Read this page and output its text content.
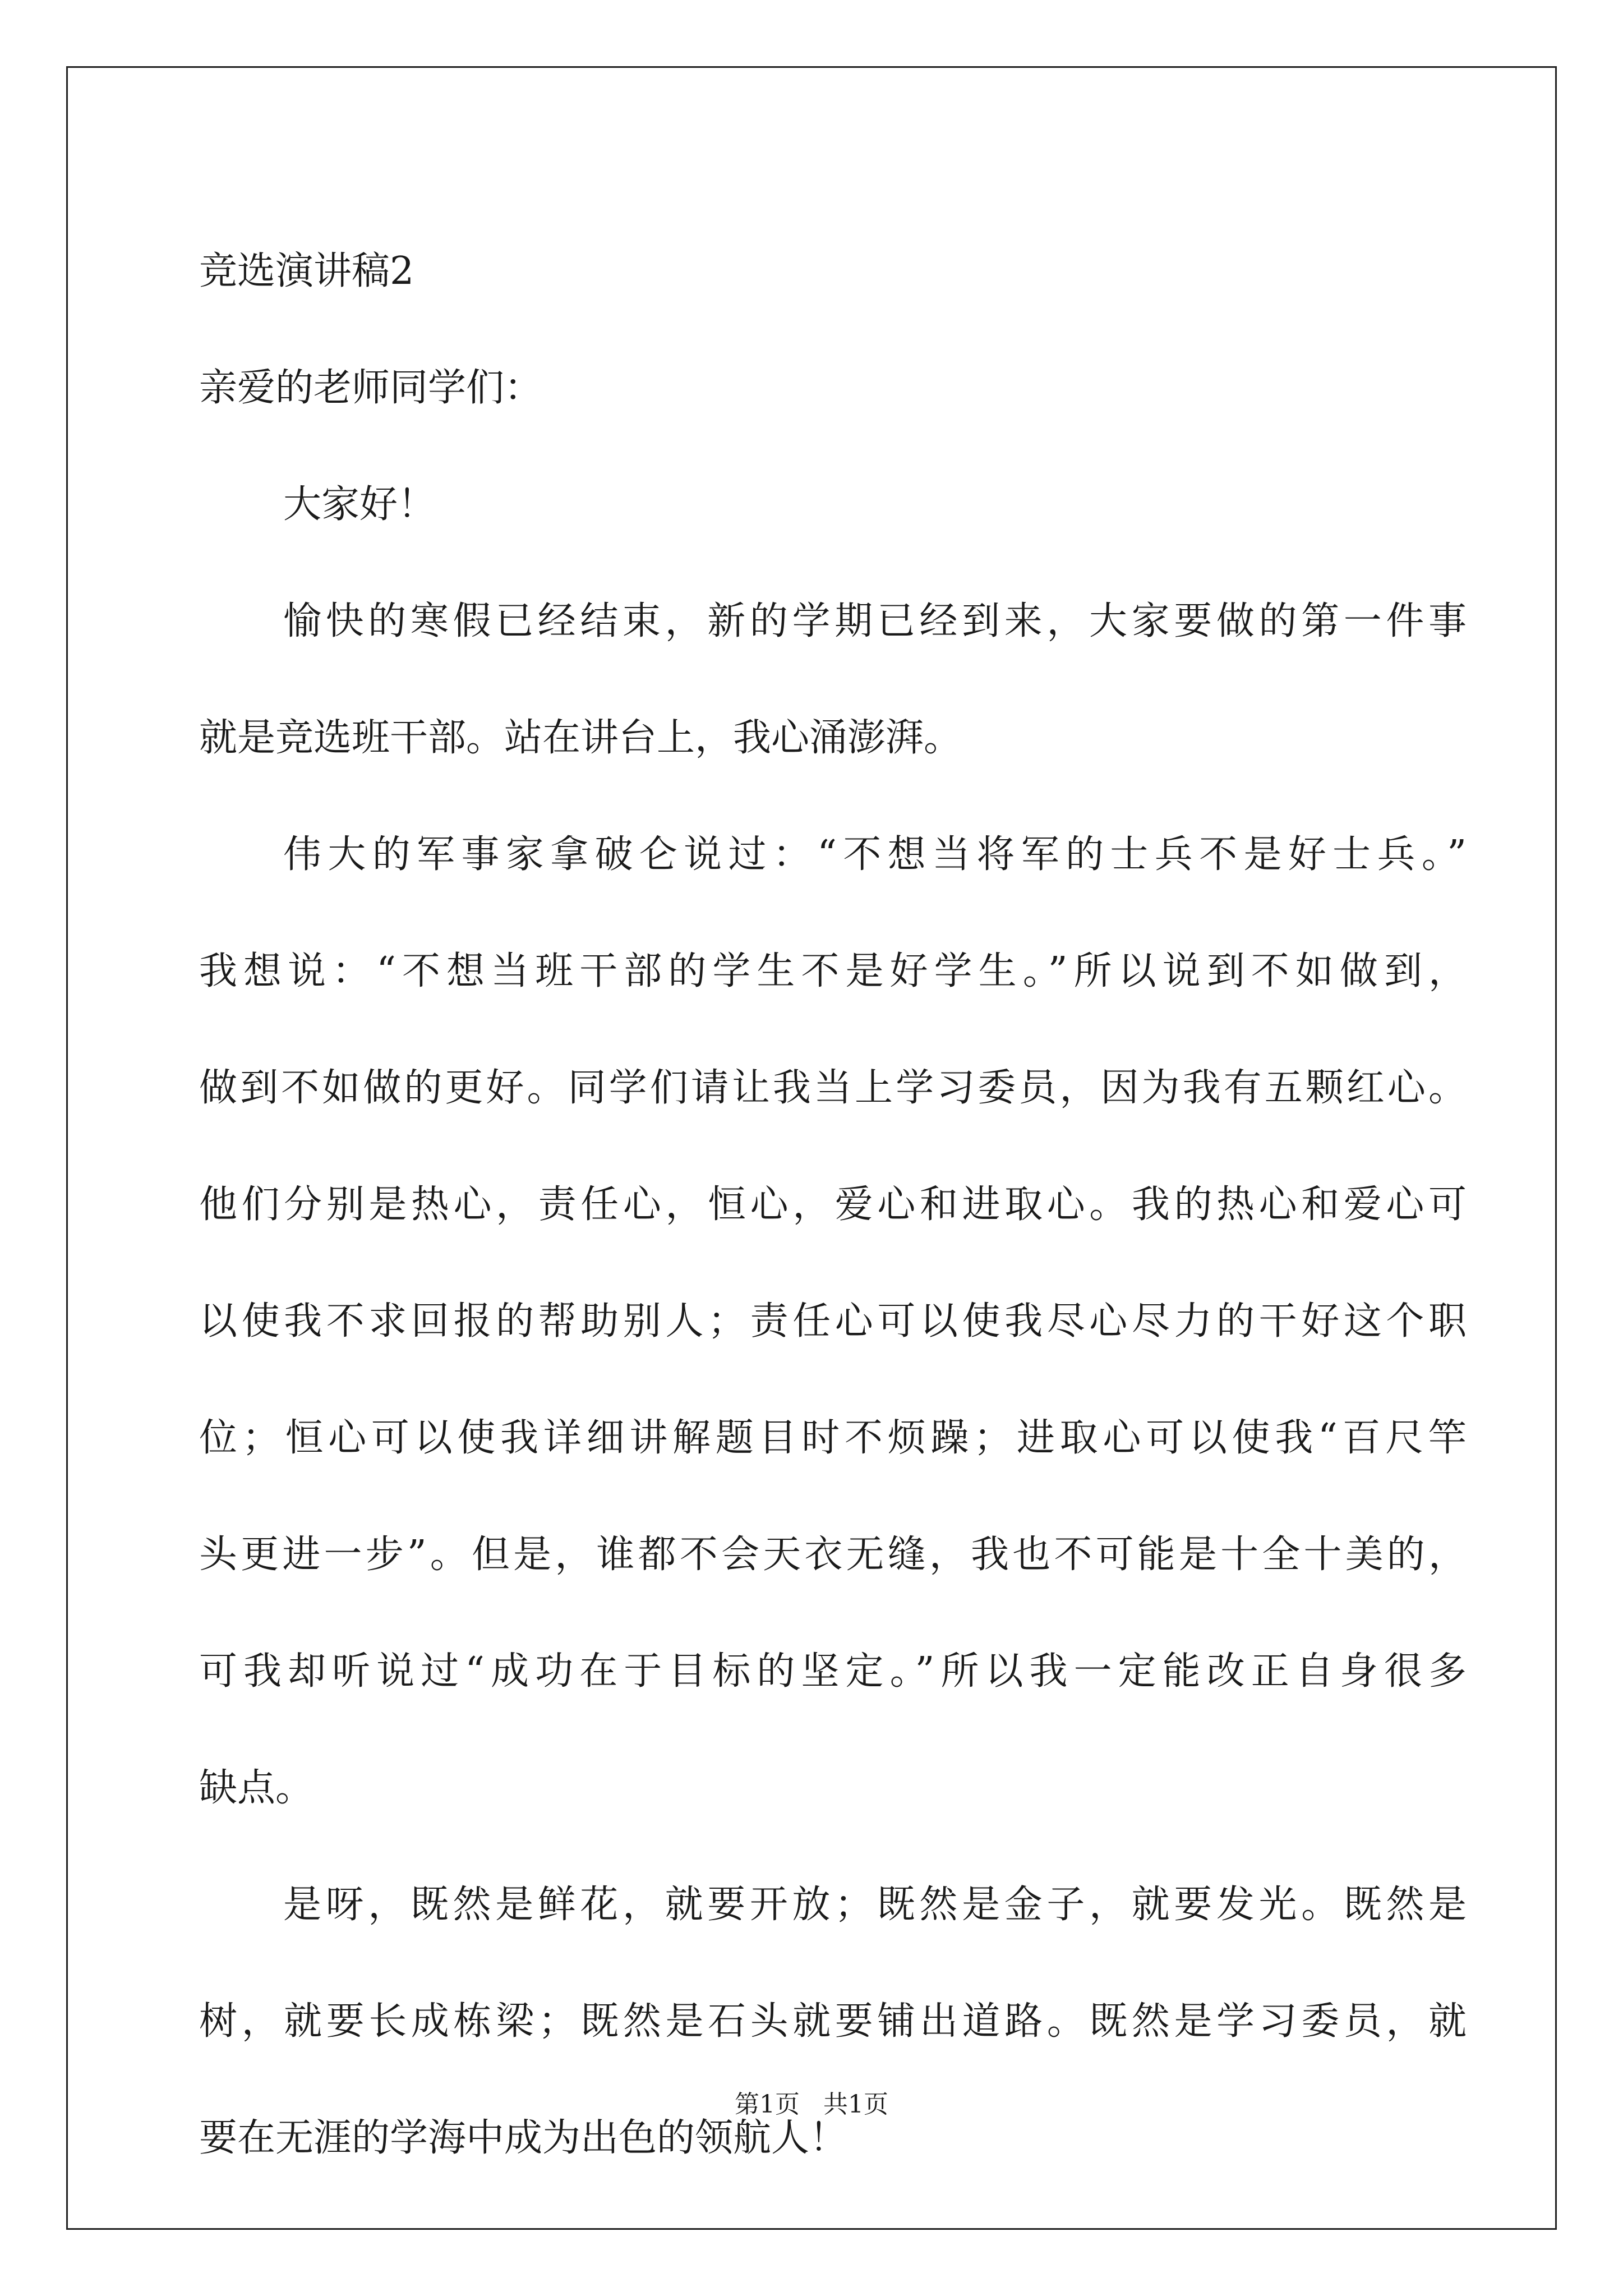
竞选演讲稿2

亲爱的老师同学们：

大家好！

愉快的寒假已经结束，新的学期已经到来，大家要做的第一件事

就是竞选班干部。站在讲台上，我心涌澎湃。

伟大的军事家拿破仑说过：“不想当将军的士兵不是好士兵。”

我想说：“不想当班干部的学生不是好学生。”所以说到不如做到，

做到不如做的更好。同学们请让我当上学习委员，因为我有五颗红心。

他们分别是热心，责任心，恒心，爱心和进取心。我的热心和爱心可

以使我不求回报的帮助别人；责任心可以使我尽心尽力的干好这个职

位；恒心可以使我详细讲解题目时不烦躁；进取心可以使我“百尺竿

头更进一步”。但是，谁都不会天衣无缝，我也不可能是十全十美的，

可我却听说过“成功在于目标的坚定。”所以我一定能改正自身很多

缺点。

是呀，既然是鲜花，就要开放；既然是金子，就要发光。既然是

树，就要长成栋梁；既然是石头就要铺出道路。既然是学习委员，就

要在无涯的学海中成为出色的领航人！

第1页   共1页
